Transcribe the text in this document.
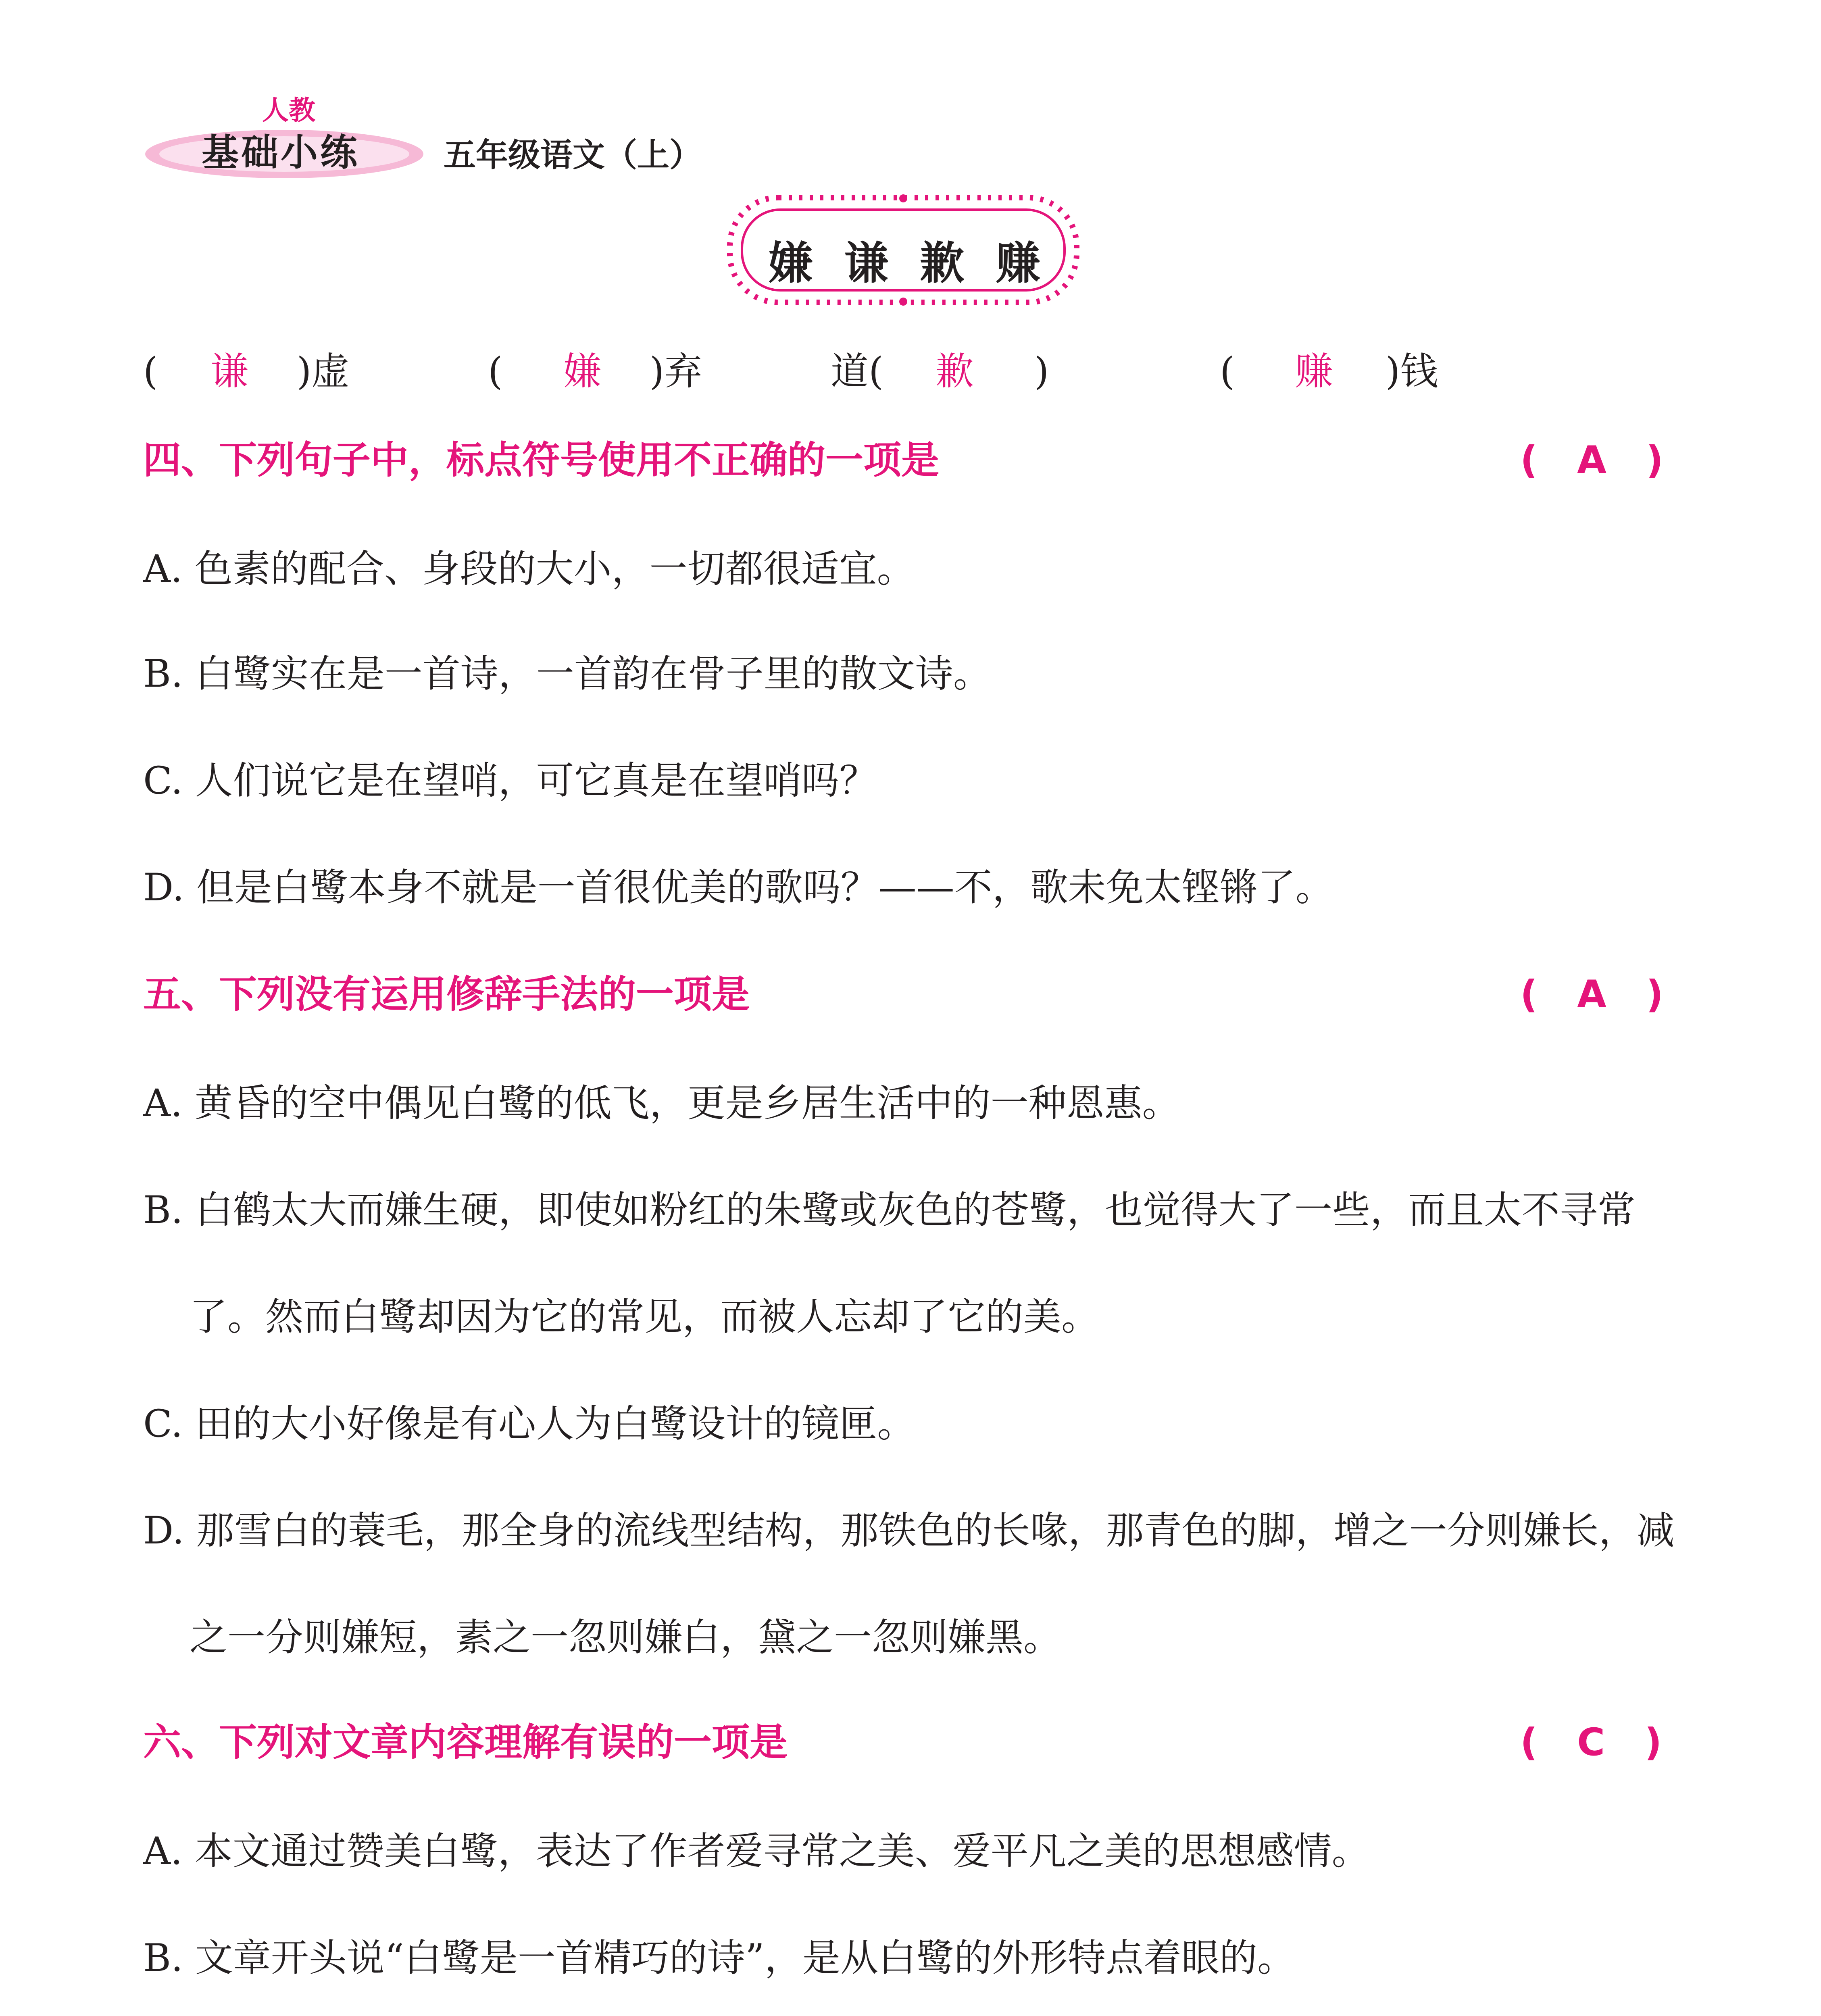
人教
基础小练	五年级语文（上）
嫌 谦 歉 赚
( 谦 )虚	( 嫌 )弃	道( 歉 )	( 赚 )钱
四、下列句子中，标点符号使用不正确的一项是	(   A   )
A. 色素的配合、身段的大小，一切都很适宜。
B. 白鹭实在是一首诗，一首韵在骨子里的散文诗。
C. 人们说它是在望哨，可它真是在望哨吗？
D. 但是白鹭本身不就是一首很优美的歌吗？——不，歌未免太铿锵了。
五、下列没有运用修辞手法的一项是	(   A   )
A. 黄昏的空中偶见白鹭的低飞，更是乡居生活中的一种恩惠。
B. 白鹤太大而嫌生硬，即使如粉红的朱鹭或灰色的苍鹭，也觉得大了一些，而且太不寻常
了。然而白鹭却因为它的常见，而被人忘却了它的美。
C. 田的大小好像是有心人为白鹭设计的镜匣。
D. 那雪白的蓑毛，那全身的流线型结构，那铁色的长喙，那青色的脚，增之一分则嫌长，减
之一分则嫌短，素之一忽则嫌白，黛之一忽则嫌黑。
六、下列对文章内容理解有误的一项是	(   C   )
A. 本文通过赞美白鹭，表达了作者爱寻常之美、爱平凡之美的思想感情。
B. 文章开头说“白鹭是一首精巧的诗”，是从白鹭的外形特点着眼的。
